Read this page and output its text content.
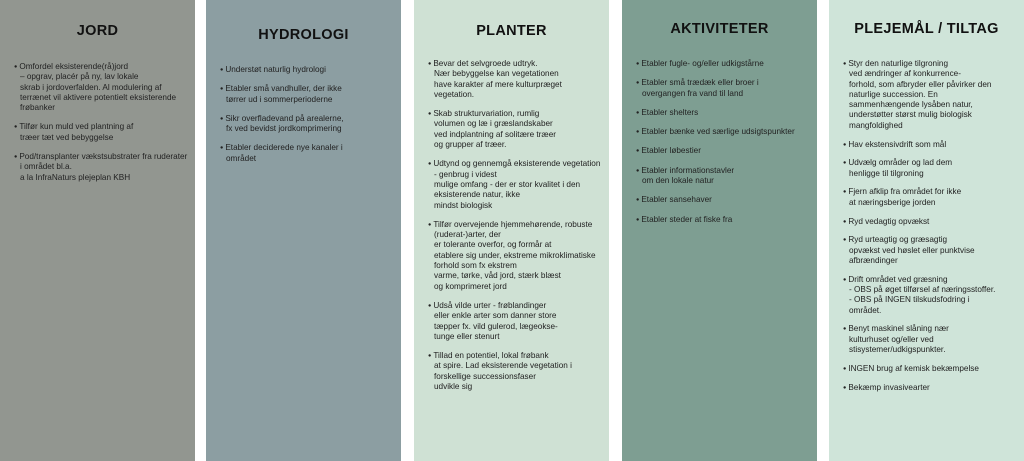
JORD
● Omfordel eksisterende(rå)jord
– opgrav, placér på ny, lav lokale
skrab i jordoverfalden. Al modulering af terrænet vil aktivere potentielt eksisterende frøbanker
● Tilfør kun muld ved plantning af
træer tæt ved bebyggelse
● Pod/transplanter vækstsubstrater fra ruderater i området bl.a.
a la InfraNaturs plejeplan KBH
HYDROLOGI
● Understøt naturlig hydrologi
● Etabler små vandhuller, der ikke
tørrer ud i sommerperioderne
● Sikr overfladevand på arealerne,
fx ved bevidst jordkomprimering
● Etabler deciderede nye kanaler i
området
PLANTER
● Bevar det selvgroede udtryk.
Nær bebyggelse kan vegetationen
have karakter af mere kulturpræget vegetation.
● Skab strukturvariation, rumlig
volumen og læ i græslandskaber
ved indplantning af solitære træer
og grupper af træer.
● Udtynd og gennemgå eksisterende vegetation - genbrug i videst
mulige omfang - der er stor kvalitet i den eksisterende natur, ikke
mindst biologisk
● Tilfør overvejende hjemmehørende, robuste (ruderat-)arter, der
er tolerante overfor, og formår at
etablere sig under, ekstreme mikroklimatiske forhold som fx ekstrem
varme, tørke, våd jord, stærk blæst
og komprimeret jord
● Udså vilde urter - frøblandinger
eller enkle arter som danner store
tæpper fx. vild gulerod, lægeokse-
tunge eller stenurt
● Tillad en potentiel, lokal frøbank
at spire. Lad eksisterende vegetation i forskellige successionsfaser
udvikle sig
AKTIVITETER
● Etabler fugle- og/eller udkigstårne
● Etabler små trædæk eller broer i
overgangen fra vand til land
● Etabler shelters
● Etabler bænke ved særlige udsigtspunkter
● Etabler løbestier
● Etabler informationstavler
om den lokale natur
● Etabler sansehaver
● Etabler steder at fiske fra
PLEJEMÅL / TILTAG
● Styr den naturlige tilgroning
ved ændringer af konkurrence-
forhold, som afbryder eller påvirker den naturlige succession. En
sammenhængende lysåben natur,
understøtter størst mulig biologisk
mangfoldighed
● Hav ekstensivdrift som mål
● Udvælg områder og lad dem
henligge til tilgroning
● Fjern afklip fra området for ikke
at næringsberige jorden
● Ryd vedagtig opvækst
● Ryd urteagtig og græsagtig
opvækst ved høslet eller punktvise
afbrændinger
● Drift området ved græsning
- OBS på øget tilførsel af næringsstoffer.
- OBS på INGEN tilskudsfodring i
området.
● Benyt maskinel slåning nær
kulturhuset og/eller ved stisystemer/udkigspunkter.
● INGEN brug af kemisk bekæmpelse
● Bekæmp invasivearter
